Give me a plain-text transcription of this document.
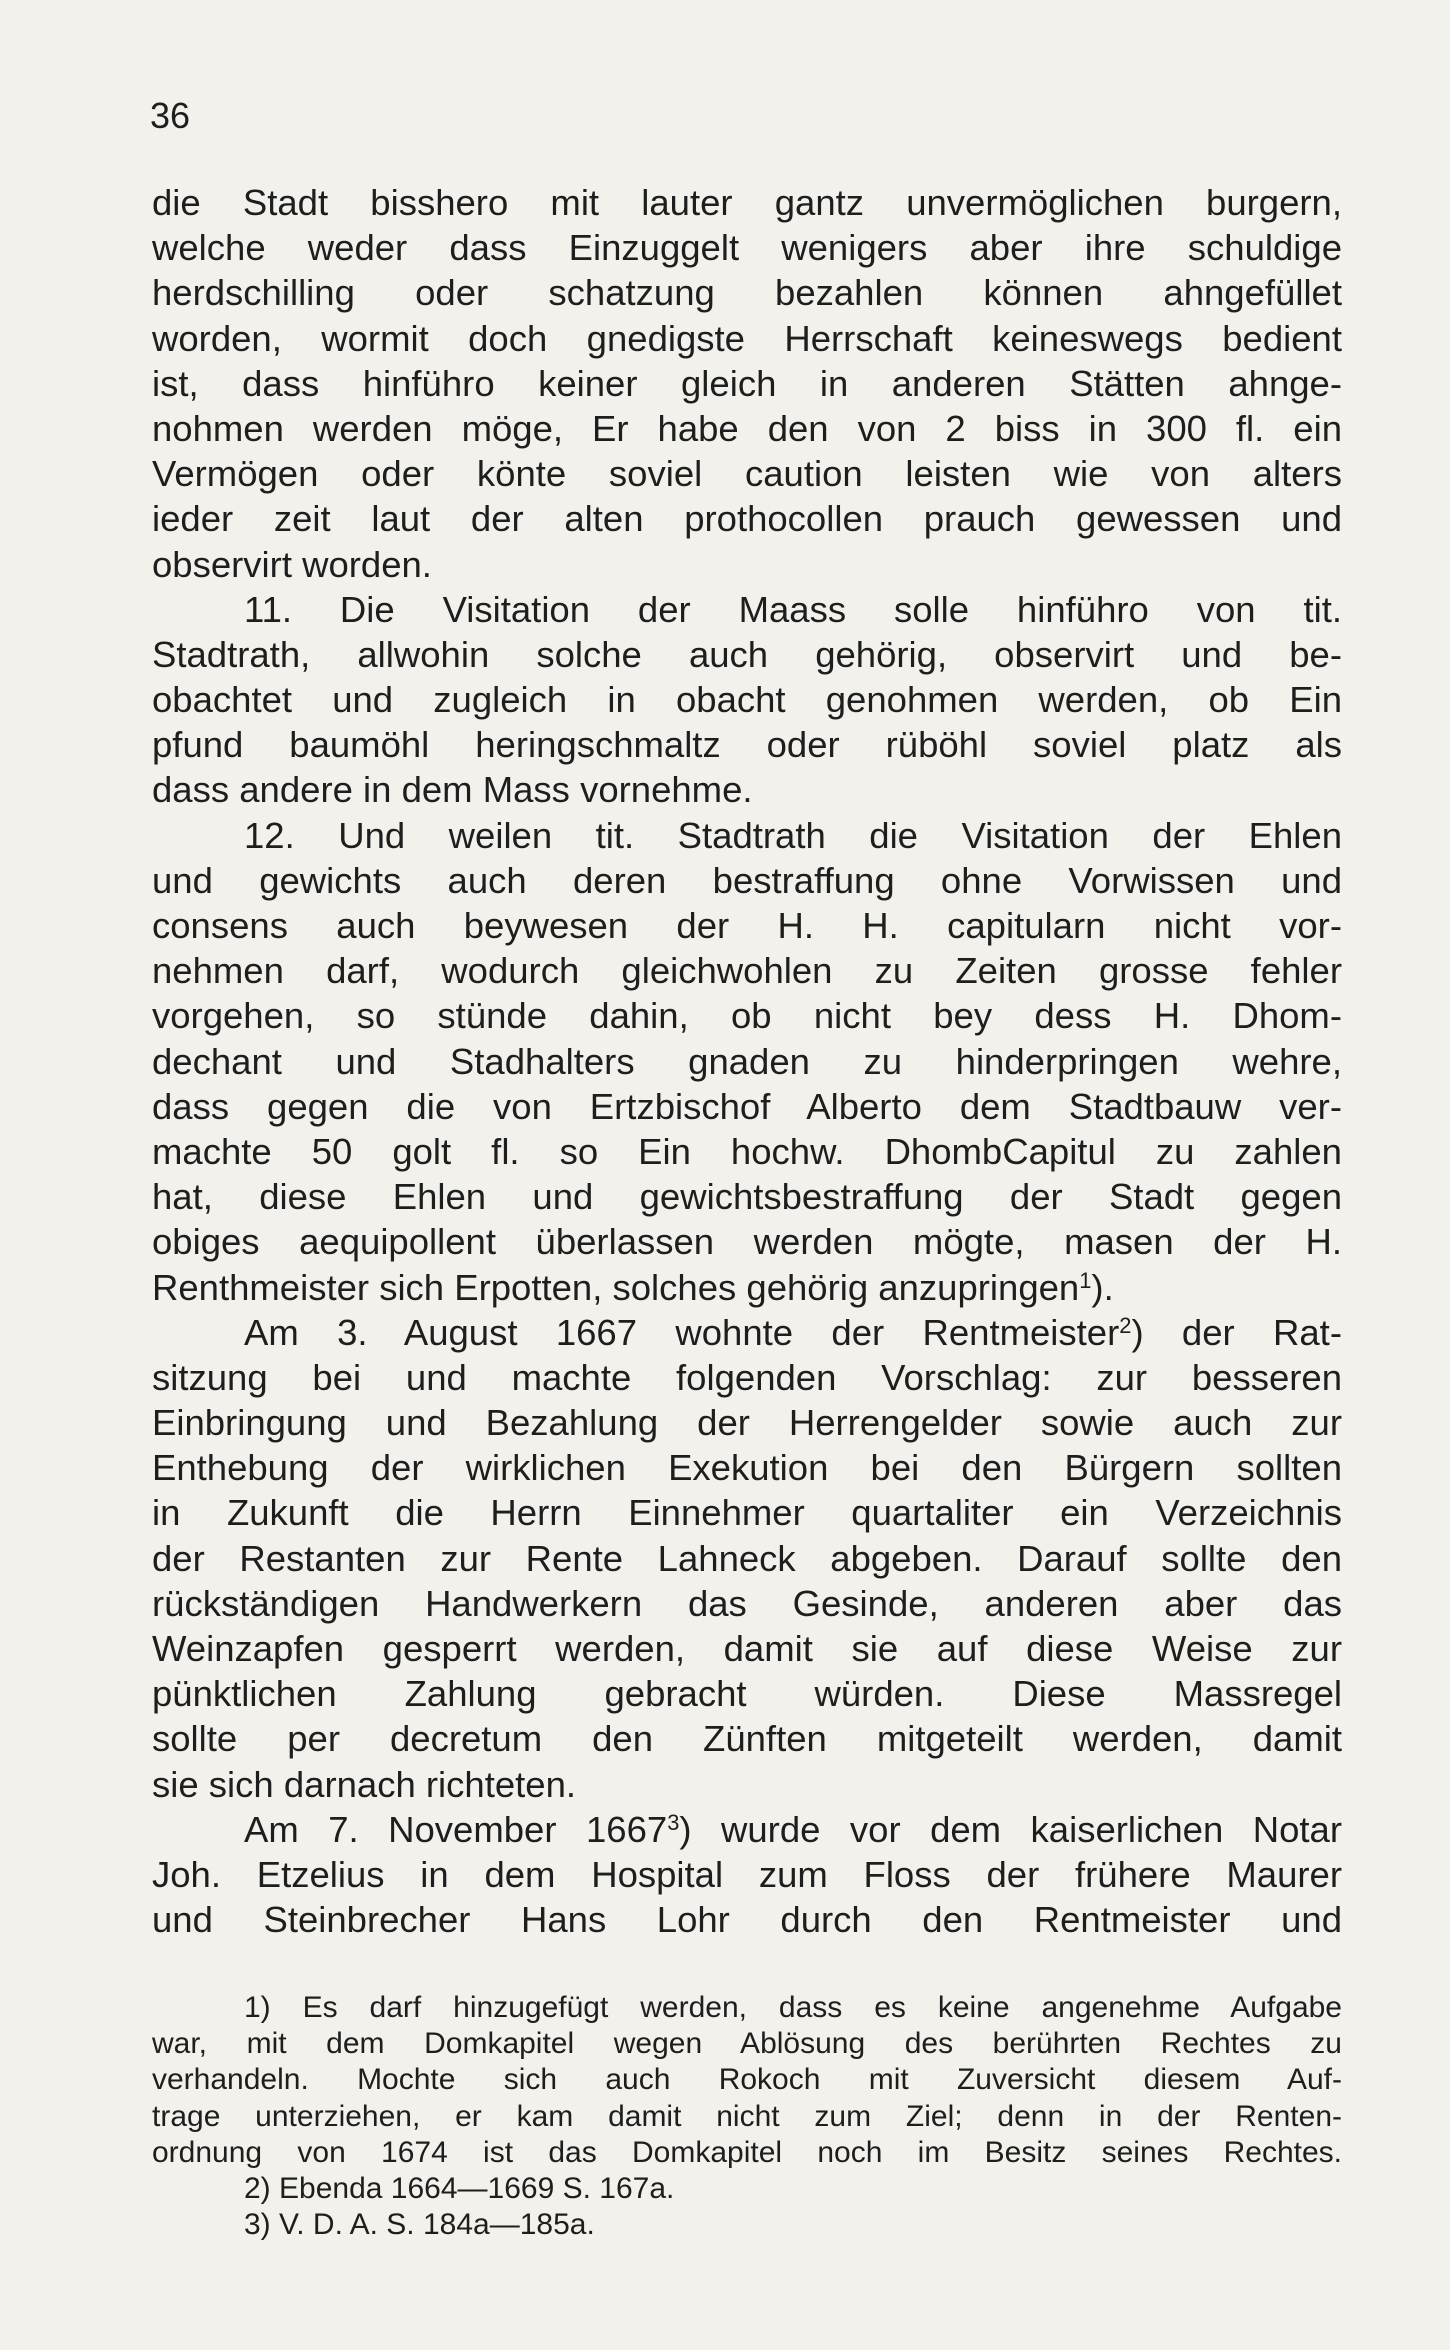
36
die Stadt bisshero mit lauter gantz unvermöglichen burgern,
welche weder dass Einzuggelt wenigers aber ihre schuldige
herdschilling oder schatzung bezahlen können ahngefüllet
worden, wormit doch gnedigste Herrschaft keineswegs bedient
ist, dass hinführo keiner gleich in anderen Stätten ahnge-
nohmen werden möge, Er habe den von 2 biss in 300 fl. ein
Vermögen oder könte soviel caution leisten wie von alters
ieder zeit laut der alten prothocollen prauch gewessen und
observirt worden.
11. Die Visitation der Maass solle hinführo von tit.
Stadtrath, allwohin solche auch gehörig, observirt und be-
obachtet und zugleich in obacht genohmen werden, ob Ein
pfund baumöhl heringschmaltz oder rüböhl soviel platz als
dass andere in dem Mass vornehme.
12. Und weilen tit. Stadtrath die Visitation der Ehlen
und gewichts auch deren bestraffung ohne Vorwissen und
consens auch beywesen der H. H. capitularn nicht vor-
nehmen darf, wodurch gleichwohlen zu Zeiten grosse fehler
vorgehen, so stünde dahin, ob nicht bey dess H. Dhom-
dechant und Stadhalters gnaden zu hinderpringen wehre,
dass gegen die von Ertzbischof Alberto dem Stadtbauw ver-
machte 50 golt fl. so Ein hochw. DhombCapitul zu zahlen
hat, diese Ehlen und gewichtsbestraffung der Stadt gegen
obiges aequipollent überlassen werden mögte, masen der H.
Renthmeister sich Erpotten, solches gehörig anzupringen$^1$).
Am 3. August 1667 wohnte der Rentmeister$^2$) der Rat-
sitzung bei und machte folgenden Vorschlag: zur besseren
Einbringung und Bezahlung der Herrengelder sowie auch zur
Enthebung der wirklichen Exekution bei den Bürgern sollten
in Zukunft die Herrn Einnehmer quartaliter ein Verzeichnis
der Restanten zur Rente Lahneck abgeben. Darauf sollte den
rückständigen Handwerkern das Gesinde, anderen aber das
Weinzapfen gesperrt werden, damit sie auf diese Weise zur
pünktlichen Zahlung gebracht würden. Diese Massregel
sollte per decretum den Zünften mitgeteilt werden, damit
sie sich darnach richteten.
Am 7. November 1667$^3$) wurde vor dem kaiserlichen Notar
Joh. Etzelius in dem Hospital zum Floss der frühere Maurer
und Steinbrecher Hans Lohr durch den Rentmeister und
1) Es darf hinzugefügt werden, dass es keine angenehme Aufgabe
war, mit dem Domkapitel wegen Ablösung des berührten Rechtes zu
verhandeln. Mochte sich auch Rokoch mit Zuversicht diesem Auf-
trage unterziehen, er kam damit nicht zum Ziel; denn in der Renten-
ordnung von 1674 ist das Domkapitel noch im Besitz seines Rechtes.
2) Ebenda 1664—1669 S. 167a.
3) V. D. A. S. 184a—185a.
